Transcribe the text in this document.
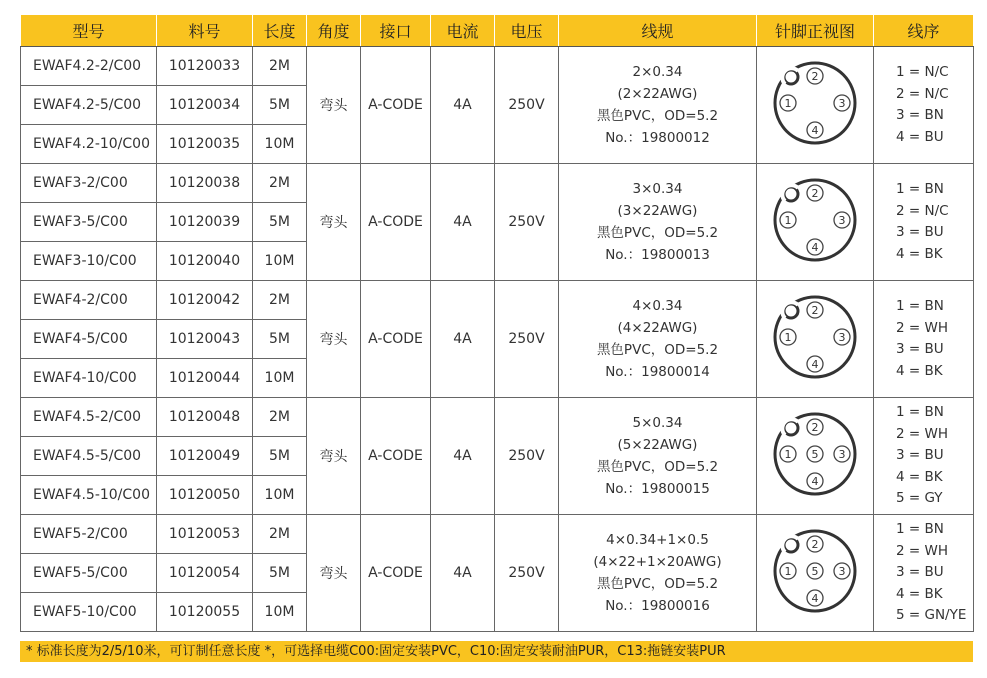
型号	料号	长度	角度	接口	电流	电压	线规	针脚正视图	线序
EWAF4.2-2/C00	10120033	2M	弯头	A-CODE	4A	250V	2×0.34
(2×22AWG)
黑色PVC，OD=5.2
No.：19800012	2
1 3
4	1 = N/C
2 = N/C
3 = BN
4 = BU

EWAF4.2-5/C00	10120034	5M							
EWAF4.2-10/C00	10120035	10M							
EWAF3-2/C00	10120038	2M	弯头	A-CODE	4A	250V	3×0.34
(3×22AWG)
黑色PVC，OD=5.2
No.：19800013	2
1 3
4	1 = BN
2 = N/C
3 = BU
4 = BK

EWAF3-5/C00	10120039	5M							
EWAF3-10/C00	10120040	10M							
EWAF4-2/C00	10120042	2M	弯头	A-CODE	4A	250V	4×0.34
(4×22AWG)
黑色PVC，OD=5.2
No.：19800014	2
1 3
4	1 = BN
2 = WH
3 = BU
4 = BK

EWAF4-5/C00	10120043	5M							
EWAF4-10/C00	10120044	10M							
EWAF4.5-2/C00	10120048	2M	弯头	A-CODE	4A	250V	5×0.34
(5×22AWG)
黑色PVC，OD=5.2
No.：19800015	2
1 5 3
4	1 = BN
2 = WH
3 = BU
4 = BK
5 = GY

EWAF4.5-5/C00	10120049	5M							
EWAF4.5-10/C00	10120050	10M							
EWAF5-2/C00	10120053	2M	弯头	A-CODE	4A	250V	4×0.34+1×0.5
(4×22+1×20AWG)
黑色PVC，OD=5.2
No.：19800016	2
1 5 3
4	1 = BN
2 = WH
3 = BU
4 = BK
5 = GN/YE

EWAF5-5/C00	10120054	5M							
EWAF5-10/C00	10120055	10M							
* 标准长度为2/5/10米，可订制任意长度 *，可选择电缆C00:固定安装PVC，C10:固定安装耐油PUR，C13:拖链安装PUR
